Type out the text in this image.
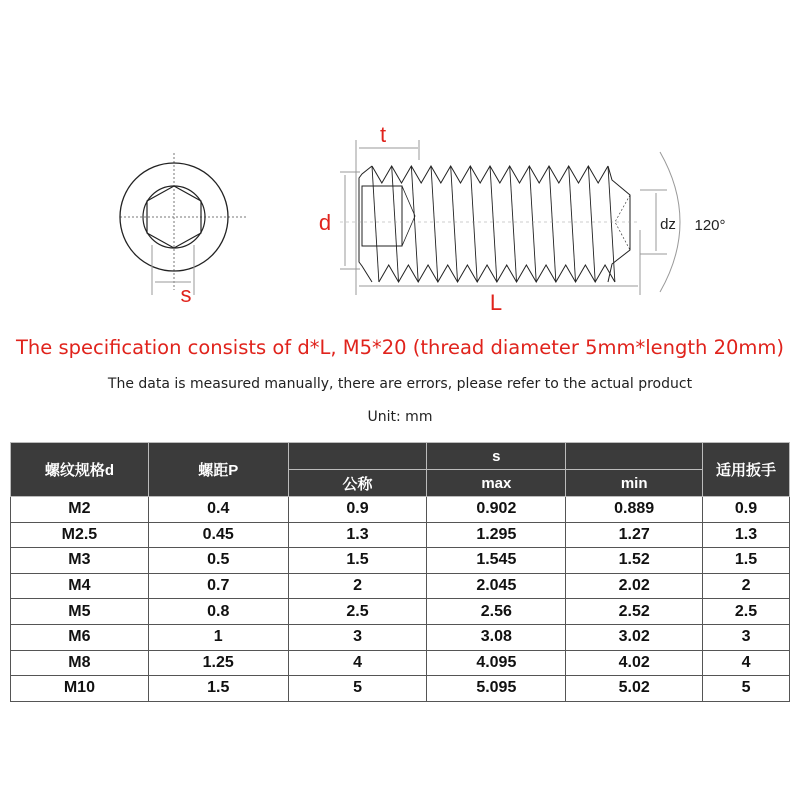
s
t
d
L
dz 120°
The specification consists of d*L, M5*20 (thread diameter 5mm*length 20mm)
The data is measured manually, there are errors, please refer to the actual product
Unit: mm
螺纹规格d	螺距P		s		适用扳手
		公称	max	min	
M2	0.4	0.9	0.902	0.889	0.9
M2.5	0.45	1.3	1.295	1.27	1.3
M3	0.5	1.5	1.545	1.52	1.5
M4	0.7	2	2.045	2.02	2
M5	0.8	2.5	2.56	2.52	2.5
M6	1	3	3.08	3.02	3
M8	1.25	4	4.095	4.02	4
M10	1.5	5	5.095	5.02	5
